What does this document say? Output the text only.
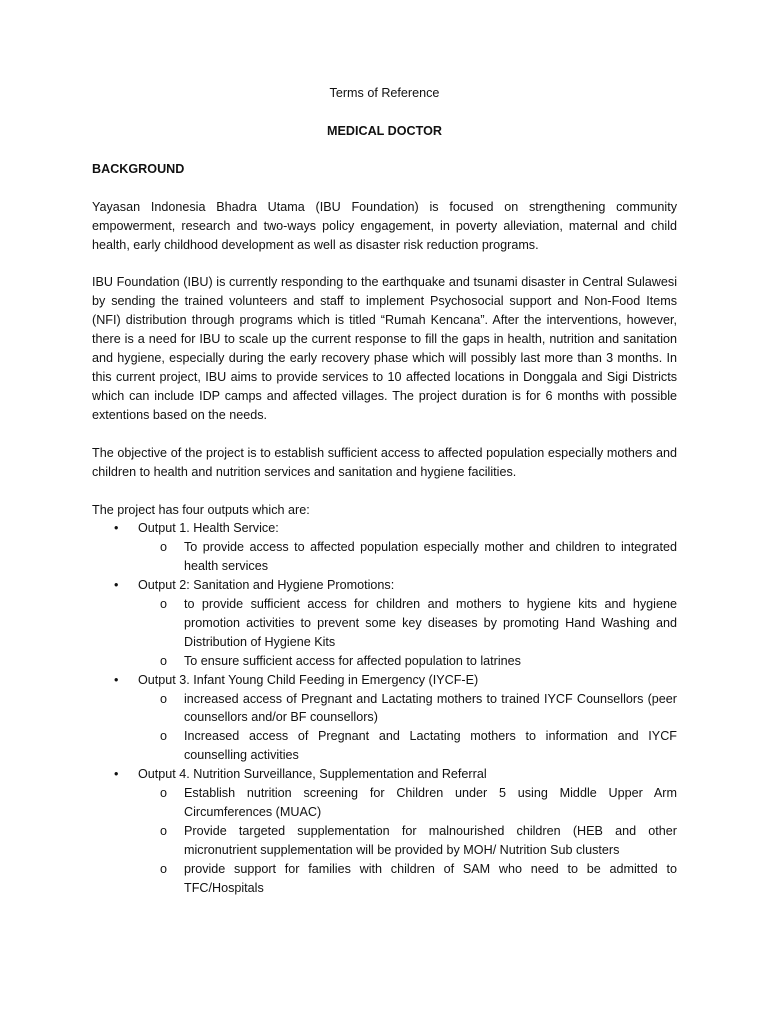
Terms of Reference
MEDICAL DOCTOR
BACKGROUND

Yayasan Indonesia Bhadra Utama (IBU Foundation) is focused on strengthening community empowerment, research and two-ways policy engagement, in poverty alleviation, maternal and child health, early childhood development as well as disaster risk reduction programs.

IBU Foundation (IBU) is currently responding to the earthquake and tsunami disaster in Central Sulawesi by sending the trained volunteers and staff to implement Psychosocial support and Non-Food Items (NFI) distribution through programs which is titled “Rumah Kencana”. After the interventions, however, there is a need for IBU to scale up the current response to fill the gaps in health, nutrition and sanitation and hygiene, especially during the early recovery phase which will possibly last more than 3 months. In this current project, IBU aims to provide services to 10 affected locations in Donggala and Sigi Districts which can include IDP camps and affected villages. The project duration is for 6 months with possible extentions based on the needs.

The objective of the project is to establish sufficient access to affected population especially mothers and children to health and nutrition services and sanitation and hygiene facilities.

The project has four outputs which are:

• Output 1. Health Service:
o To provide access to affected population especially mother and children to integrated health services
• Output 2: Sanitation and Hygiene Promotions:
o to provide sufficient access for children and mothers to hygiene kits and hygiene promotion activities to prevent some key diseases by promoting Hand Washing and Distribution of Hygiene Kits
o To ensure sufficient access for affected population to latrines
• Output 3. Infant Young Child Feeding in Emergency (IYCF-E)
o increased access of Pregnant and Lactating mothers to trained IYCF Counsellors (peer counsellors and/or BF counsellors)
o Increased access of Pregnant and Lactating mothers to information and IYCF counselling activities
• Output 4. Nutrition Surveillance, Supplementation and Referral
o Establish nutrition screening for Children under 5 using Middle Upper Arm Circumferences (MUAC)
o Provide targeted supplementation for malnourished children (HEB and other micronutrient supplementation will be provided by MOH/ Nutrition Sub clusters
o provide support for families with children of SAM who need to be admitted to TFC/Hospitals
